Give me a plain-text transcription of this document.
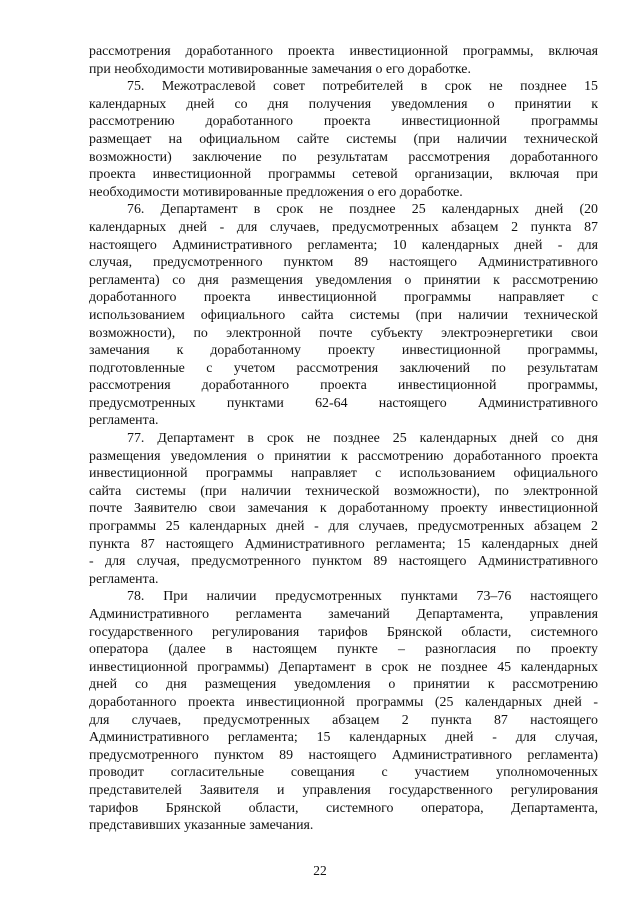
рассмотрения доработанного проекта инвестиционной программы, включая
при необходимости мотивированные замечания о его доработке.
75. Межотраслевой совет потребителей в срок не позднее 15
календарных дней со дня получения уведомления о принятии к
рассмотрению доработанного проекта инвестиционной программы
размещает на официальном сайте системы (при наличии технической
возможности) заключение по результатам рассмотрения доработанного
проекта инвестиционной программы сетевой организации, включая при
необходимости мотивированные предложения о его доработке.
76. Департамент в срок не позднее 25 календарных дней (20
календарных дней - для случаев, предусмотренных абзацем 2 пункта 87
настоящего Административного регламента; 10 календарных дней - для
случая, предусмотренного пунктом 89 настоящего Административного
регламента) со дня размещения уведомления о принятии к рассмотрению
доработанного проекта инвестиционной программы направляет с
использованием официального сайта системы (при наличии технической
возможности), по электронной почте субъекту электроэнергетики свои
замечания к доработанному проекту инвестиционной программы,
подготовленные с учетом рассмотрения заключений по результатам
рассмотрения доработанного проекта инвестиционной программы,
предусмотренных пунктами 62-64 настоящего Административного
регламента.
77. Департамент в срок не позднее 25 календарных дней со дня
размещения уведомления о принятии к рассмотрению доработанного проекта
инвестиционной программы направляет с использованием официального
сайта системы (при наличии технической возможности), по электронной
почте Заявителю свои замечания к доработанному проекту инвестиционной
программы 25 календарных дней - для случаев, предусмотренных абзацем 2
пункта 87 настоящего Административного регламента; 15 календарных дней
- для случая, предусмотренного пунктом 89 настоящего Административного
регламента.
78. При наличии предусмотренных пунктами 73–76 настоящего
Административного регламента замечаний Департамента, управления
государственного регулирования тарифов Брянской области, системного
оператора (далее в настоящем пункте – разногласия по проекту
инвестиционной программы) Департамент в срок не позднее 45 календарных
дней со дня размещения уведомления о принятии к рассмотрению
доработанного проекта инвестиционной программы (25 календарных дней -
для случаев, предусмотренных абзацем 2 пункта 87 настоящего
Административного регламента; 15 календарных дней - для случая,
предусмотренного пунктом 89 настоящего Административного регламента)
проводит согласительные совещания с участием уполномоченных
представителей Заявителя и управления государственного регулирования
тарифов Брянской области, системного оператора, Департамента,
представивших указанные замечания.
22
